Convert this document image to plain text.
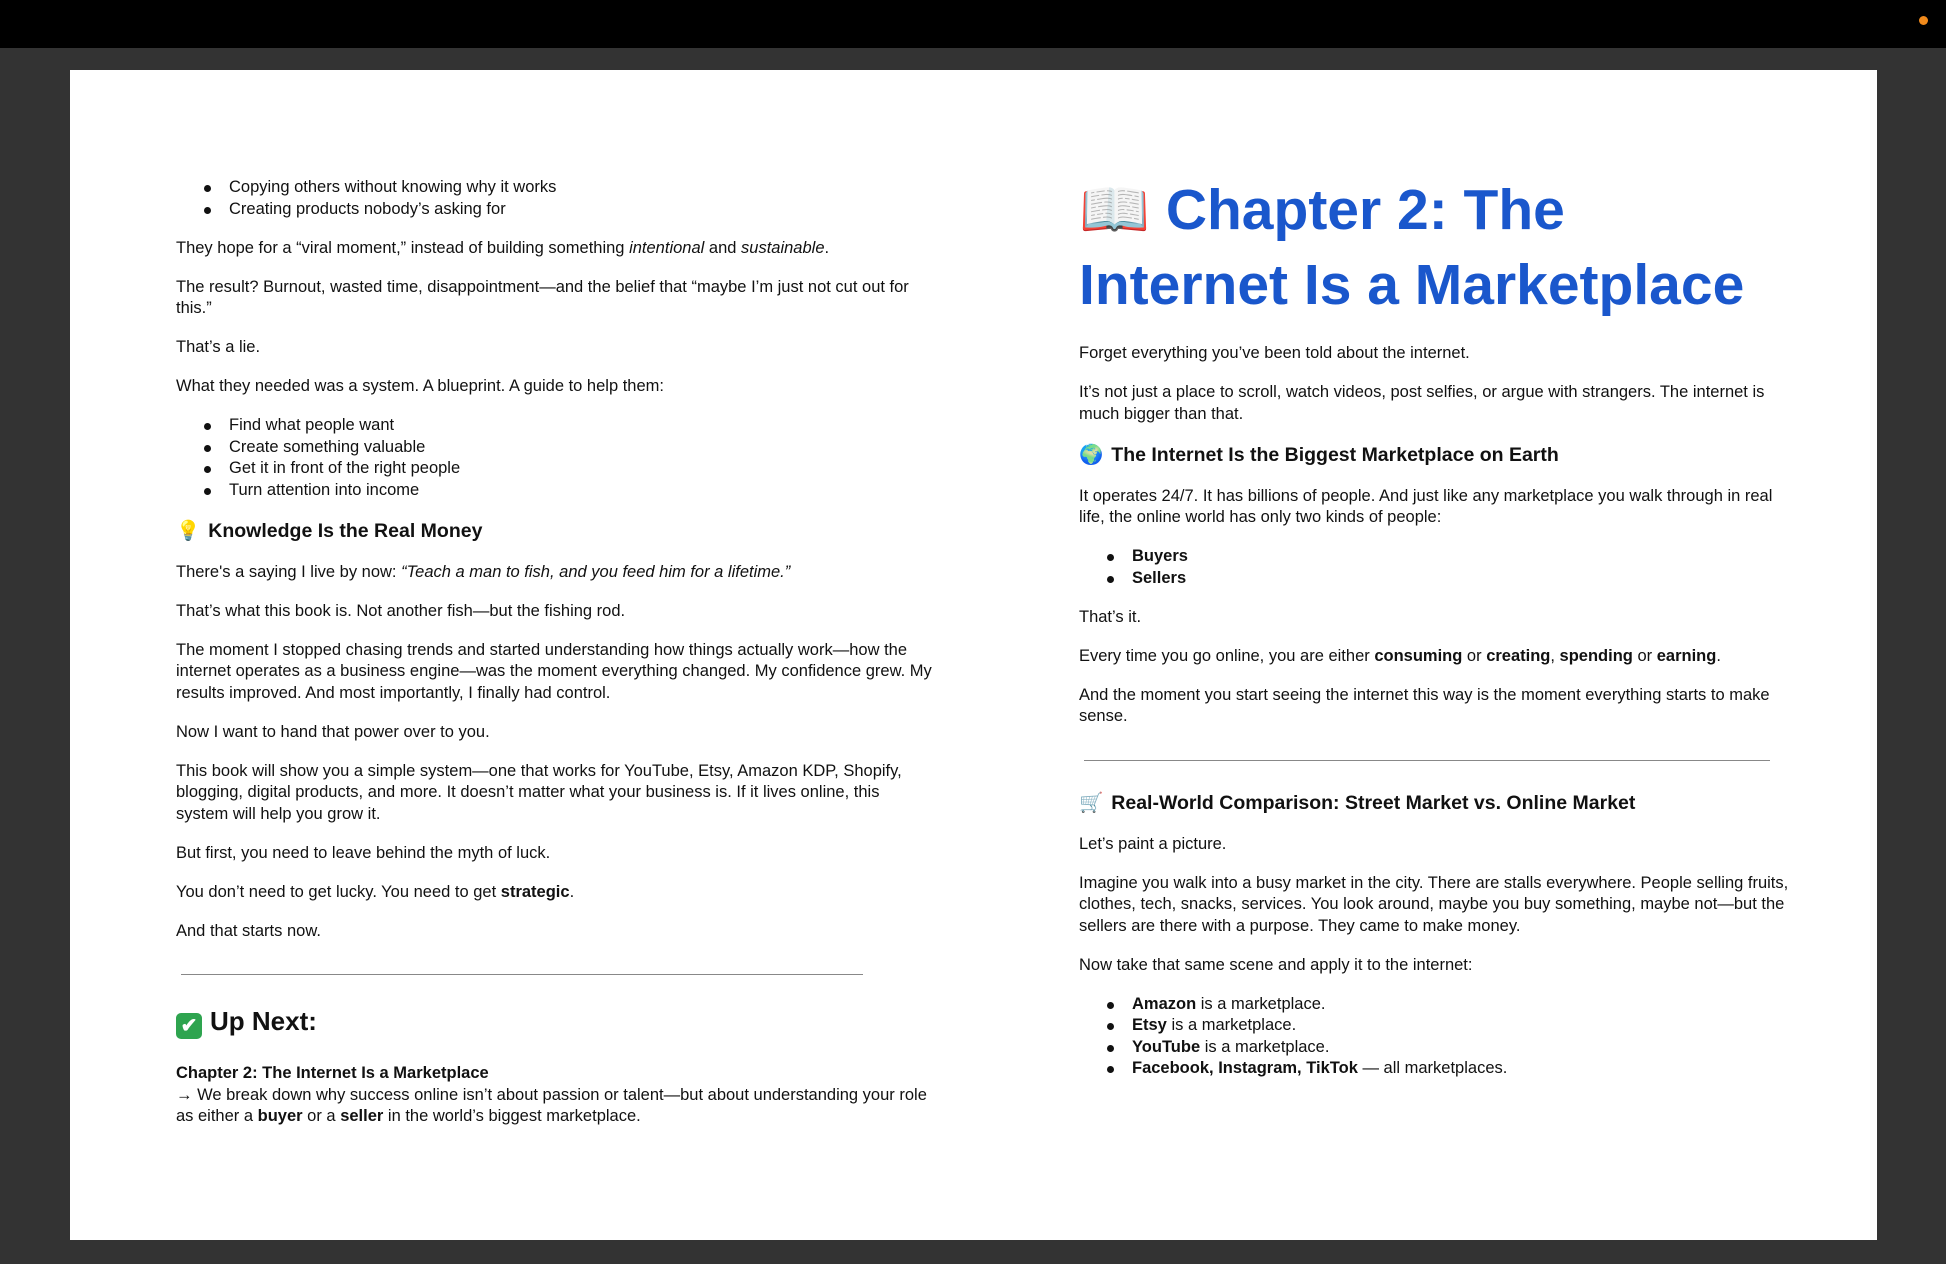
Copying others without knowing why it works
Creating products nobody’s asking for

They hope for a “viral moment,” instead of building something intentional and sustainable.

The result? Burnout, wasted time, disappointment—and the belief that “maybe I’m just not cut out for this.”

That’s a lie.

What they needed was a system. A blueprint. A guide to help them:

Find what people want
Create something valuable
Get it in front of the right people
Turn attention into income
💡 Knowledge Is the Real Money

There's a saying I live by now: “Teach a man to fish, and you feed him for a lifetime.”

That’s what this book is. Not another fish—but the fishing rod.

The moment I stopped chasing trends and started understanding how things actually work—how the internet operates as a business engine—was the moment everything changed. My confidence grew. My results improved. And most importantly, I finally had control.

Now I want to hand that power over to you.

This book will show you a simple system—one that works for YouTube, Etsy, Amazon KDP, Shopify, blogging, digital products, and more. It doesn’t matter what your business is. If it lives online, this system will help you grow it.

But first, you need to leave behind the myth of luck.

You don’t need to get lucky. You need to get strategic.

And that starts now.

✔ Up Next:

Chapter 2: The Internet Is a Marketplace
→ We break down why success online isn’t about passion or talent—but about understanding your role as either a buyer or a seller in the world’s biggest marketplace.

📖 Chapter 2: The Internet Is a Marketplace

Forget everything you’ve been told about the internet.

It’s not just a place to scroll, watch videos, post selfies, or argue with strangers. The internet is much bigger than that.

🌍 The Internet Is the Biggest Marketplace on Earth

It operates 24/7. It has billions of people. And just like any marketplace you walk through in real life, the online world has only two kinds of people:

Buyers
Sellers

That’s it.

Every time you go online, you are either consuming or creating, spending or earning.

And the moment you start seeing the internet this way is the moment everything starts to make sense.

🛒 Real-World Comparison: Street Market vs. Online Market

Let’s paint a picture.

Imagine you walk into a busy market in the city. There are stalls everywhere. People selling fruits, clothes, tech, snacks, services. You look around, maybe you buy something, maybe not—but the sellers are there with a purpose. They came to make money.

Now take that same scene and apply it to the internet:

Amazon is a marketplace.
Etsy is a marketplace.
YouTube is a marketplace.
Facebook, Instagram, TikTok — all marketplaces.
